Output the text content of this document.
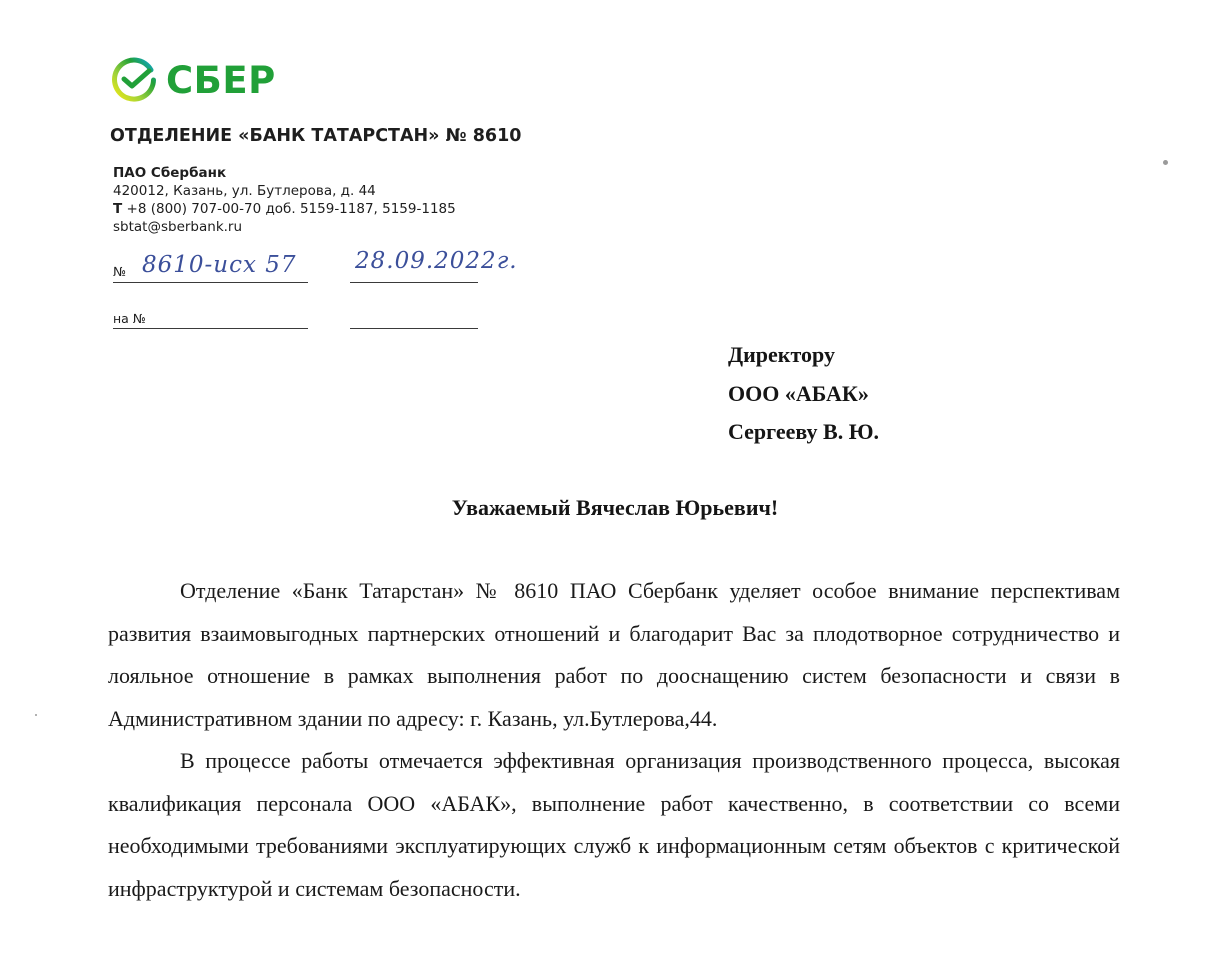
СБЕР
ОТДЕЛЕНИЕ «БАНК ТАТАРСТАН» № 8610
ПАО Сбербанк
420012, Казань, ул. Бутлерова, д. 44
Т +8 (800) 707-00-70 доб. 5159-1187, 5159-1185
sbtat@sberbank.ru
№ 8610-исх 57	28.09.2022г.
на №
Директору
ООО «АБАК»
Сергееву В. Ю.
Уважаемый Вячеслав Юрьевич!

Отделение «Банк Татарстан» № 8610 ПАО Сбербанк уделяет особое внимание перспективам развития взаимовыгодных партнерских отношений и благодарит Вас за плодотворное сотрудничество и лояльное отношение в рамках выполнения работ по дооснащению систем безопасности и связи в Административном здании по адресу: г. Казань, ул.Бутлерова,44.

В процессе работы отмечается эффективная организация производственного процесса, высокая квалификация персонала ООО «АБАК», выполнение работ качественно, в соответствии со всеми необходимыми требованиями эксплуатирующих служб к информационным сетям объектов с критической инфраструктурой и системам безопасности.
